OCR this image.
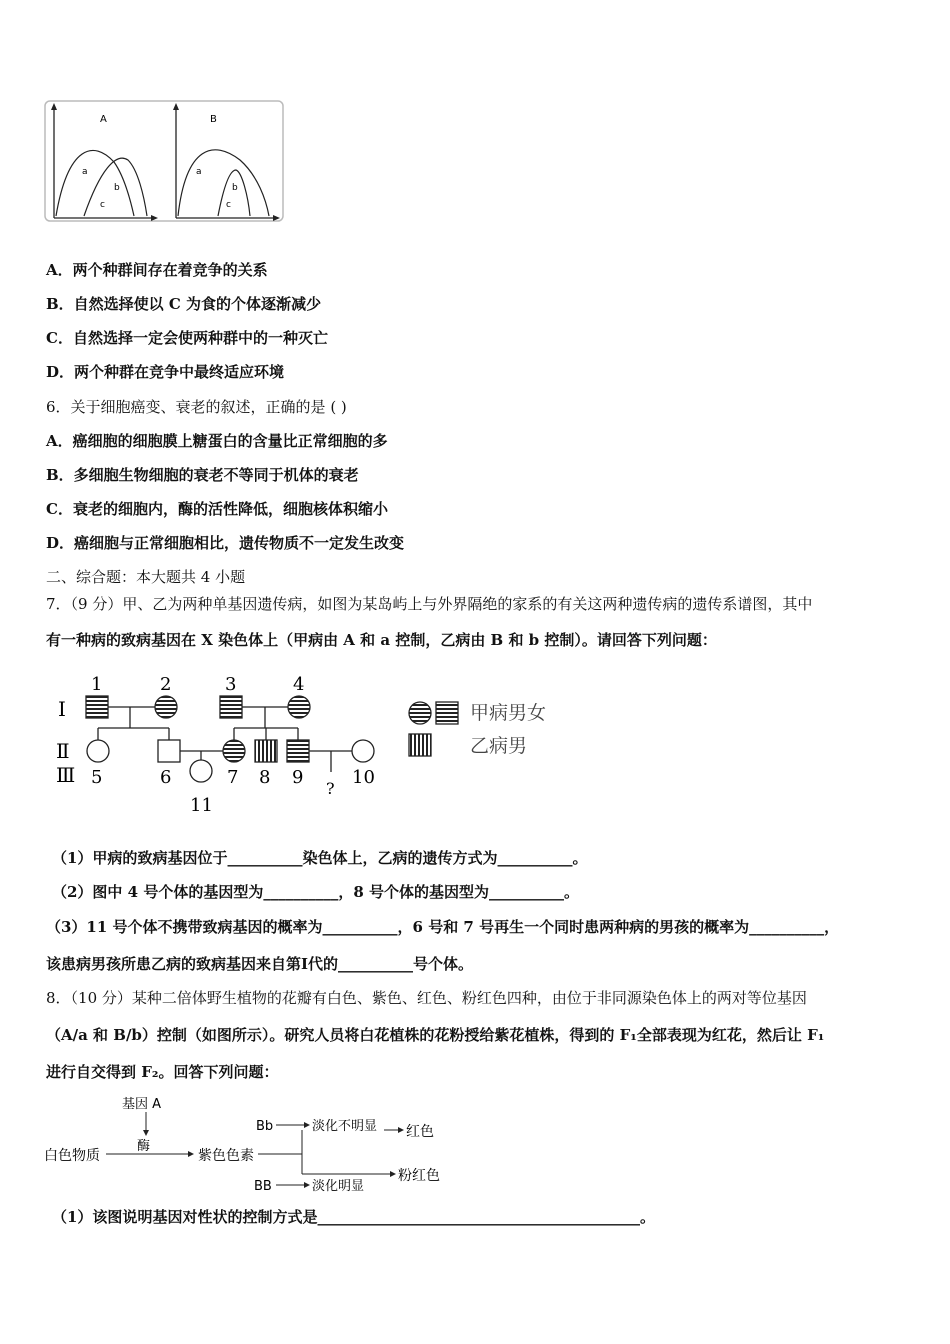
A
a
b
c
B
a
b
c
A．两个种群间存在着竞争的关系
B．自然选择使以 C 为食的个体逐渐减少
C．自然选择一定会使两种群中的一种灭亡
D．两个种群在竞争中最终适应环境
6．关于细胞癌变、衰老的叙述，正确的是 ( )
A．癌细胞的细胞膜上糖蛋白的含量比正常细胞的多
B．多细胞生物细胞的衰老不等同于机体的衰老
C．衰老的细胞内，酶的活性降低，细胞核体积缩小
D．癌细胞与正常细胞相比，遗传物质不一定发生改变
二、综合题：本大题共 4 小题
7．（9 分）甲、乙为两种单基因遗传病，如图为某岛屿上与外界隔绝的家系的有关这两种遗传病的遗传系谱图，其中
有一种病的致病基因在 X 染色体上（甲病由 A 和 a 控制，乙病由 B 和 b 控制）。请回答下列问题：
Ⅰ
Ⅱ
Ⅲ
1	2	3	4
5	6	7 8 9	10
11
?
甲病男女
乙病男
（1）甲病的致病基因位于__________染色体上，乙病的遗传方式为__________。
（2）图中 4 号个体的基因型为__________，8 号个体的基因型为__________。
（3）11 号个体不携带致病基因的概率为__________，6 号和 7 号再生一个同时患两种病的男孩的概率为__________，
该患病男孩所患乙病的致病基因来自第Ⅰ代的__________号个体。
8．（10 分）某种二倍体野生植物的花瓣有白色、紫色、红色、粉红色四种，由位于非同源染色体上的两对等位基因
（A/a 和 B/b）控制（如图所示）。研究人员将白花植株的花粉授给紫花植株，得到的 F₁全部表现为红花，然后让 F₁
进行自交得到 F₂。回答下列问题：
基因 A
酶
白色物质	紫色色素
Bb	淡化不明显 红色
粉红色
BB	淡化明显
（1）该图说明基因对性状的控制方式是___________________________________________。
